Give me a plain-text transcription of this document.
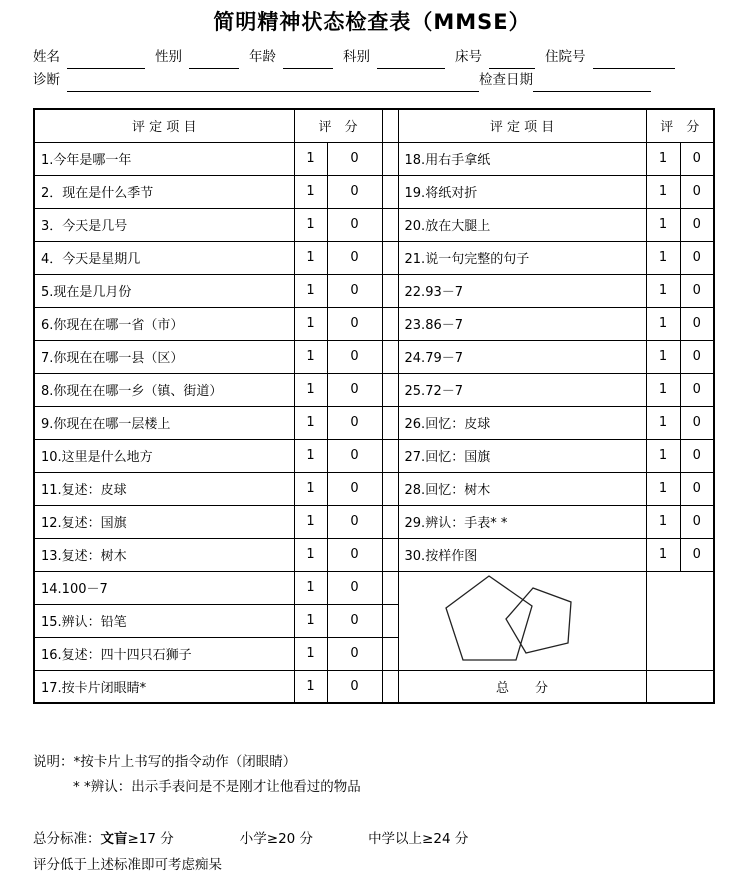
简明精神状态检查表（MMSE）
姓名	性别	年龄	科别	床号	住院号
诊断	检查日期
评 定 项 目	评　分			评 定 项 目	评　分	
1.今年是哪一年	1	0		18.用右手拿纸	1	0
2．现在是什么季节	1	0		19.将纸对折	1	0
3．今天是几号	1	0		20.放在大腿上	1	0
4．今天是星期几	1	0		21.说一句完整的句子	1	0
5.现在是几月份	1	0		22.93－7	1	0
6.你现在在哪一省（市）	1	0		23.86－7	1	0
7.你现在在哪一县（区）	1	0		24.79－7	1	0
8.你现在在哪一乡（镇、街道）	1	0		25.72－7	1	0
9.你现在在哪一层楼上	1	0		26.回忆：皮球	1	0
10.这里是什么地方	1	0		27.回忆：国旗	1	0
11.复述：皮球	1	0		28.回忆：树木	1	0
12.复述：国旗	1	0		29.辨认：手表* *	1	0
13.复述：树木	1	0		30.按样作图	1	0
14.100－7	1	0		

15.辨认：铅笔	1	0				
16.复述：四十四只石狮子	1	0				
17.按卡片闭眼睛*	1	0		总　　分		
说明：*按卡片上书写的指令动作（闭眼睛）
* *辨认：出示手表问是不是刚才让他看过的物品
总分标准：文盲≥17 分	小学≥20 分	中学以上≥24 分
评分低于上述标准即可考虑痴呆
